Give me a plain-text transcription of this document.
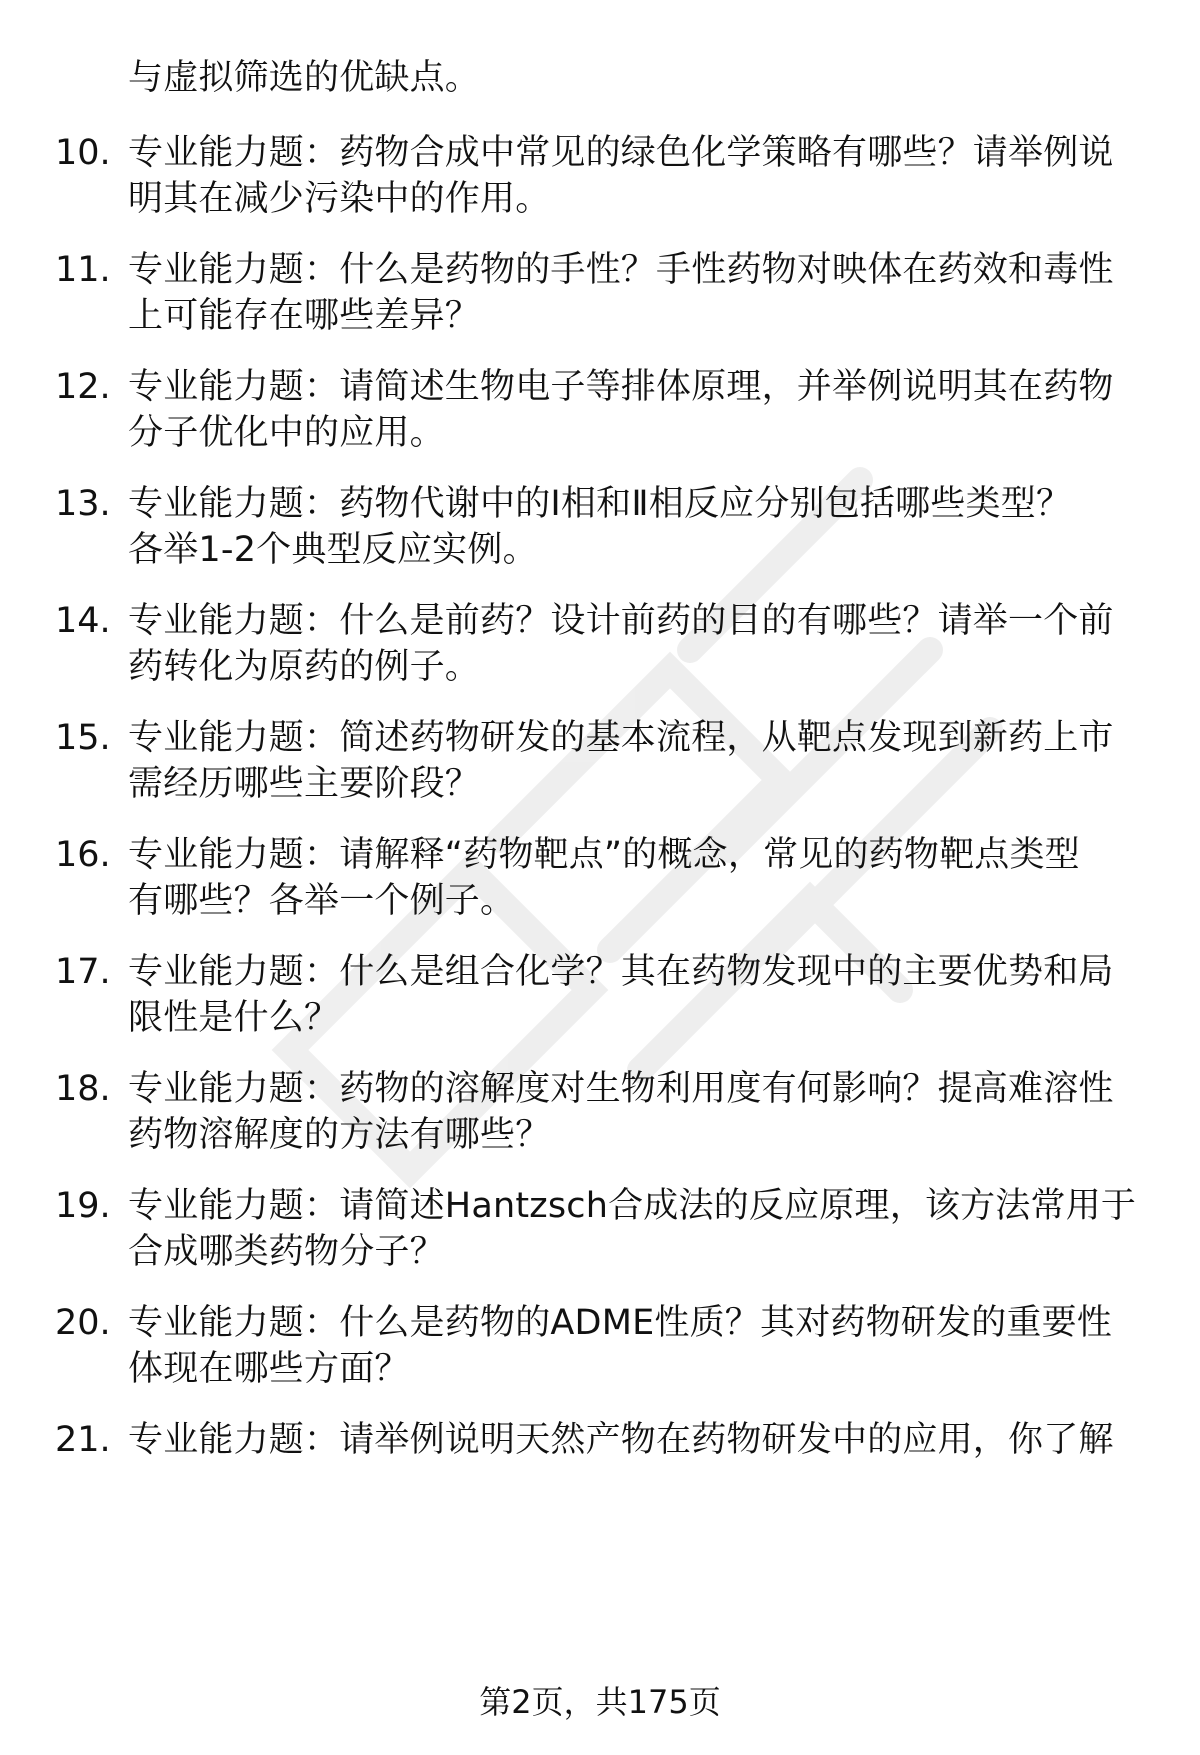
与虚拟筛选的优缺点。
10. 专业能力题：药物合成中常见的绿色化学策略有哪些？请举例说
明其在减少污染中的作用。
11. 专业能力题：什么是药物的手性？手性药物对映体在药效和毒性
上可能存在哪些差异？
12. 专业能力题：请简述生物电子等排体原理，并举例说明其在药物
分子优化中的应用。
13. 专业能力题：药物代谢中的Ⅰ相和Ⅱ相反应分别包括哪些类型？
各举1-2个典型反应实例。
14. 专业能力题：什么是前药？设计前药的目的有哪些？请举一个前
药转化为原药的例子。
15. 专业能力题：简述药物研发的基本流程，从靶点发现到新药上市
需经历哪些主要阶段？
16. 专业能力题：请解释“药物靶点”的概念，常见的药物靶点类型
有哪些？各举一个例子。
17. 专业能力题：什么是组合化学？其在药物发现中的主要优势和局
限性是什么？
18. 专业能力题：药物的溶解度对生物利用度有何影响？提高难溶性
药物溶解度的方法有哪些？
19. 专业能力题：请简述Hantzsch合成法的反应原理，该方法常用于
合成哪类药物分子？
20. 专业能力题：什么是药物的ADME性质？其对药物研发的重要性
体现在哪些方面？
21. 专业能力题：请举例说明天然产物在药物研发中的应用，你了解
第2页，共175页
